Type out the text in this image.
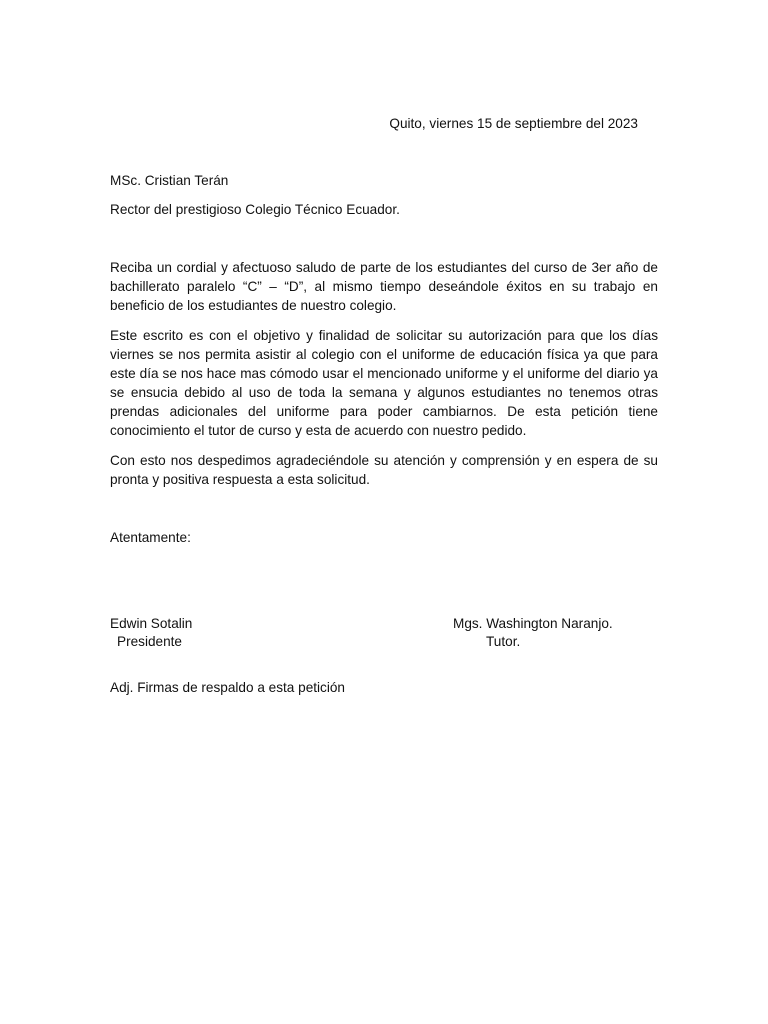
Quito, viernes 15 de septiembre del 2023
MSc. Cristian Terán
Rector del prestigioso Colegio Técnico Ecuador.

Reciba un cordial y afectuoso saludo de parte de los estudiantes del curso de 3er año de bachillerato paralelo “C” – “D”, al mismo tiempo deseándole éxitos en su trabajo en beneficio de los estudiantes de nuestro colegio.

Este escrito es con el objetivo y finalidad de solicitar su autorización para que los días viernes se nos permita asistir al colegio con el uniforme de educación física ya que para este día se nos hace mas cómodo usar el mencionado uniforme y el uniforme del diario ya se ensucia debido al uso de toda la semana y algunos estudiantes no tenemos otras prendas adicionales del uniforme para poder cambiarnos. De esta petición tiene conocimiento el tutor de curso y esta de acuerdo con nuestro pedido.

Con esto nos despedimos agradeciéndole su atención y comprensión y en espera de su pronta y positiva respuesta a esta solicitud.

Atentamente:
Edwin Sotalin
Presidente
Mgs. Washington Naranjo.
Tutor.
Adj. Firmas de respaldo a esta petición
